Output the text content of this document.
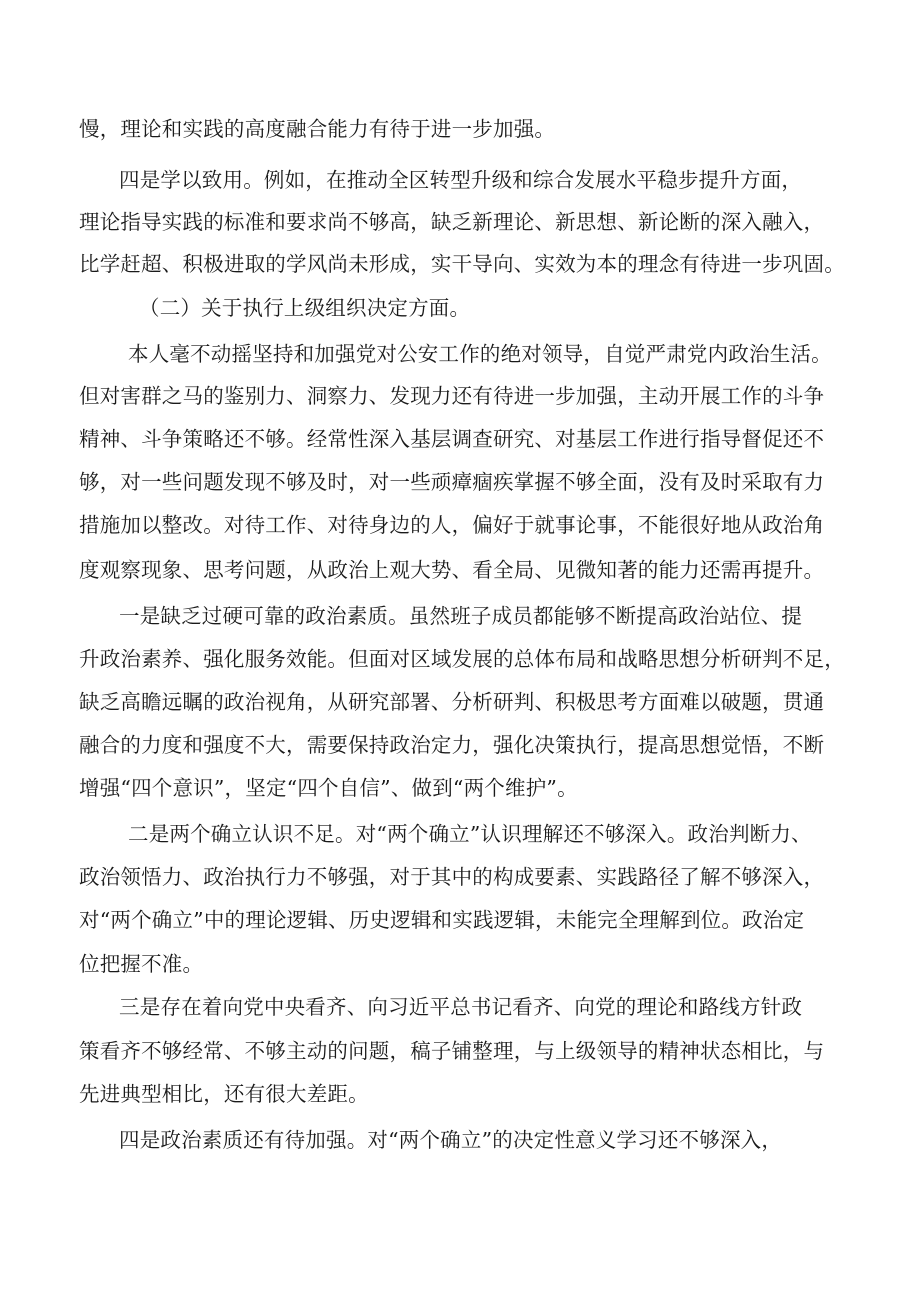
慢，理论和实践的高度融合能力有待于进一步加强。
四是学以致用。例如，在推动全区转型升级和综合发展水平稳步提升方面，
理论指导实践的标准和要求尚不够高，缺乏新理论、新思想、新论断的深入融入，
比学赶超、积极进取的学风尚未形成，实干导向、实效为本的理念有待进一步巩固。
（二）关于执行上级组织决定方面。
本人毫不动摇坚持和加强党对公安工作的绝对领导，自觉严肃党内政治生活。
但对害群之马的鉴别力、洞察力、发现力还有待进一步加强，主动开展工作的斗争
精神、斗争策略还不够。经常性深入基层调查研究、对基层工作进行指导督促还不
够，对一些问题发现不够及时，对一些顽瘴痼疾掌握不够全面，没有及时采取有力
措施加以整改。对待工作、对待身边的人，偏好于就事论事，不能很好地从政治角
度观察现象、思考问题，从政治上观大势、看全局、见微知著的能力还需再提升。
一是缺乏过硬可靠的政治素质。虽然班子成员都能够不断提高政治站位、提
升政治素养、强化服务效能。但面对区域发展的总体布局和战略思想分析研判不足，
缺乏高瞻远瞩的政治视角，从研究部署、分析研判、积极思考方面难以破题，贯通
融合的力度和强度不大，需要保持政治定力，强化决策执行，提高思想觉悟，不断
增强“四个意识”，坚定“四个自信”、做到“两个维护”。
二是两个确立认识不足。对“两个确立”认识理解还不够深入。政治判断力、
政治领悟力、政治执行力不够强，对于其中的构成要素、实践路径了解不够深入，
对“两个确立”中的理论逻辑、历史逻辑和实践逻辑，未能完全理解到位。政治定
位把握不准。
三是存在着向党中央看齐、向习近平总书记看齐、向党的理论和路线方针政
策看齐不够经常、不够主动的问题，稿子铺整理，与上级领导的精神状态相比，与
先进典型相比，还有很大差距。
四是政治素质还有待加强。对“两个确立”的决定性意义学习还不够深入，
